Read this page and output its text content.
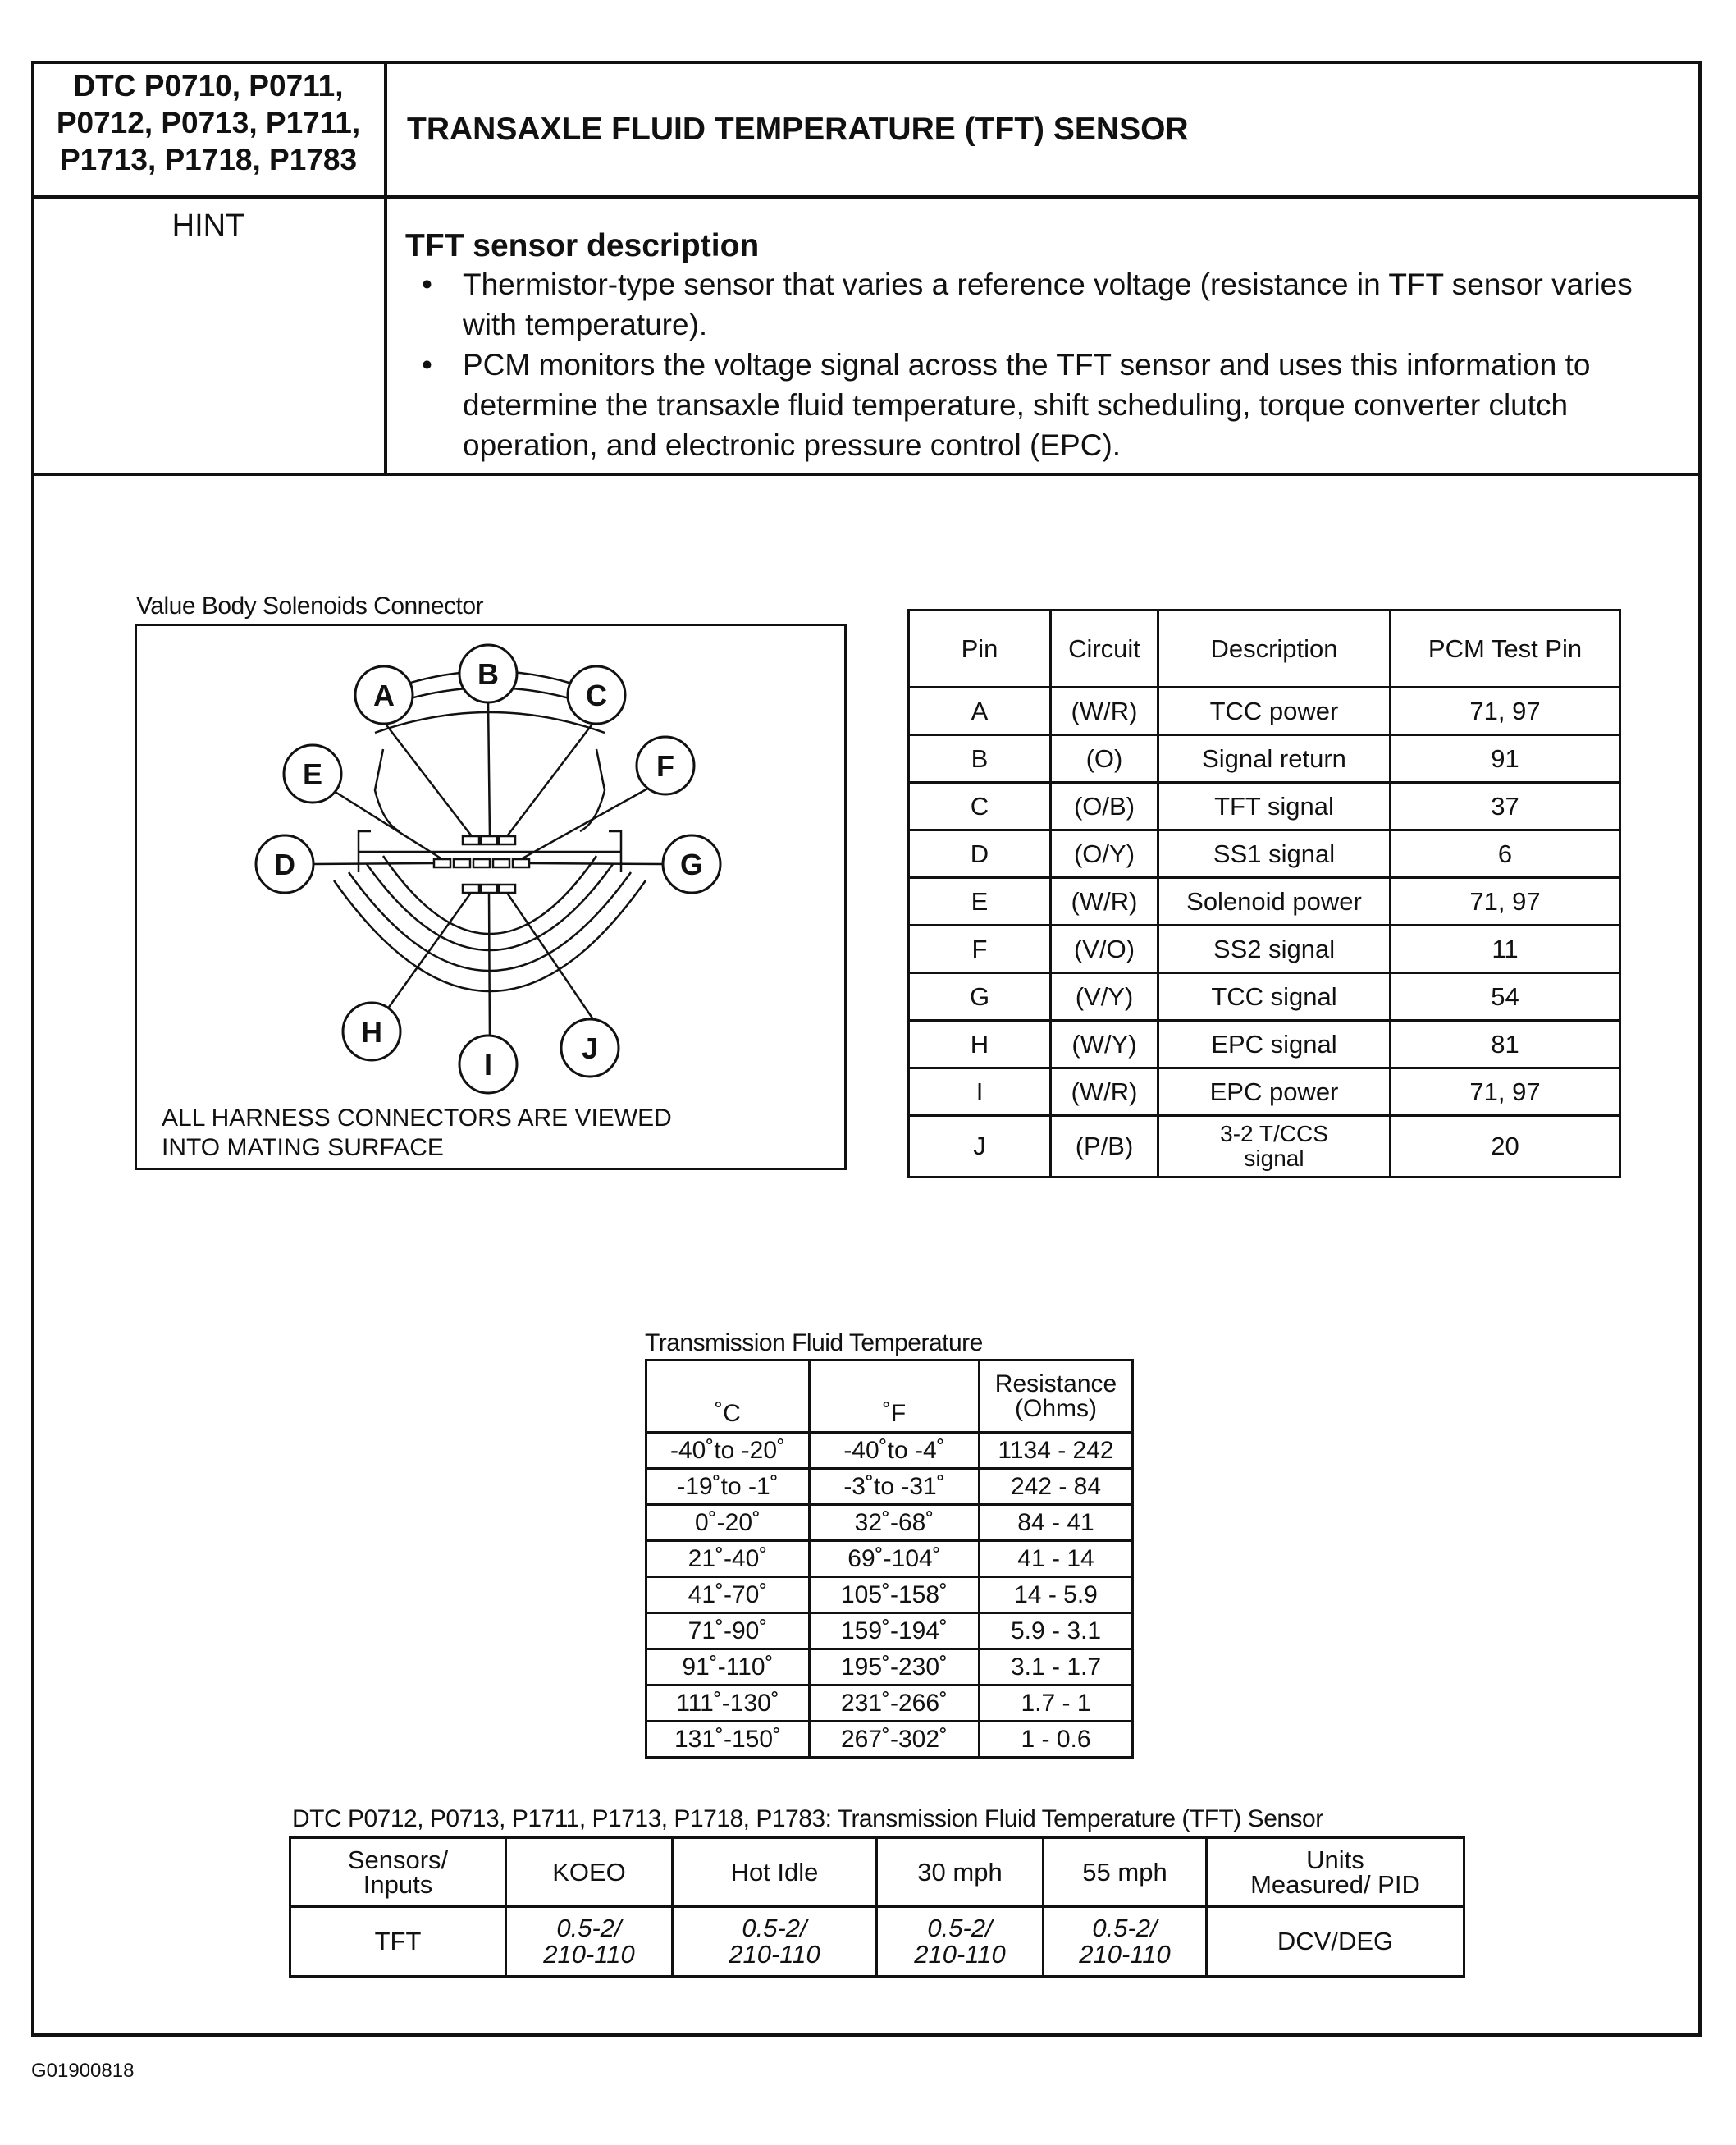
DTC P0710, P0711,
P0712, P0713, P1711,
P1713, P1718, P1783
TRANSAXLE FLUID TEMPERATURE (TFT) SENSOR
HINT
TFT sensor description
• Thermistor-type sensor that varies a reference voltage (resistance in TFT sensor varies with temperature).
• PCM monitors the voltage signal across the TFT sensor and uses this information to determine the transaxle fluid temperature, shift scheduling, torque converter clutch operation, and electronic pressure control (EPC).
Value Body Solenoids Connector
A
B
C
D
E	F
G
H
I	J
ALL HARNESS CONNECTORS ARE VIEWED
INTO MATING SURFACE
Pin	Circuit	Description	PCM Test Pin
A	(W/R)	TCC power	71, 97
B	(O)	Signal return	91
C	(O/B)	TFT signal	37
D	(O/Y)	SS1 signal	6
E	(W/R)	Solenoid power	71, 97
F	(V/O)	SS2 signal	11
G	(V/Y)	TCC signal	54
H	(W/Y)	EPC signal	81
I	(W/R)	EPC power	71, 97
J	(P/B)	3-2 T/CCS signal	20
Transmission Fluid Temperature
˚C	˚F	Resistance (Ohms)
-40˚to -20˚	-40˚to -4˚	1134 - 242
-19˚to -1˚	-3˚to -31˚	242 - 84
0˚-20˚	32˚-68˚	84 - 41
21˚-40˚	69˚-104˚	41 - 14
41˚-70˚	105˚-158˚	14 - 5.9
71˚-90˚	159˚-194˚	5.9 - 3.1
91˚-110˚	195˚-230˚	3.1 - 1.7
111˚-130˚	231˚-266˚	1.7 - 1
131˚-150˚	267˚-302˚	1 - 0.6
DTC P0712, P0713, P1711, P1713, P1718, P1783: Transmission Fluid Temperature (TFT) Sensor
Sensors/ Inputs	KOEO	Hot Idle	30 mph	55 mph	Units Measured/ PID
TFT	0.5-2/ 210-110	0.5-2/ 210-110	0.5-2/ 210-110	0.5-2/ 210-110	DCV/DEG
G01900818
